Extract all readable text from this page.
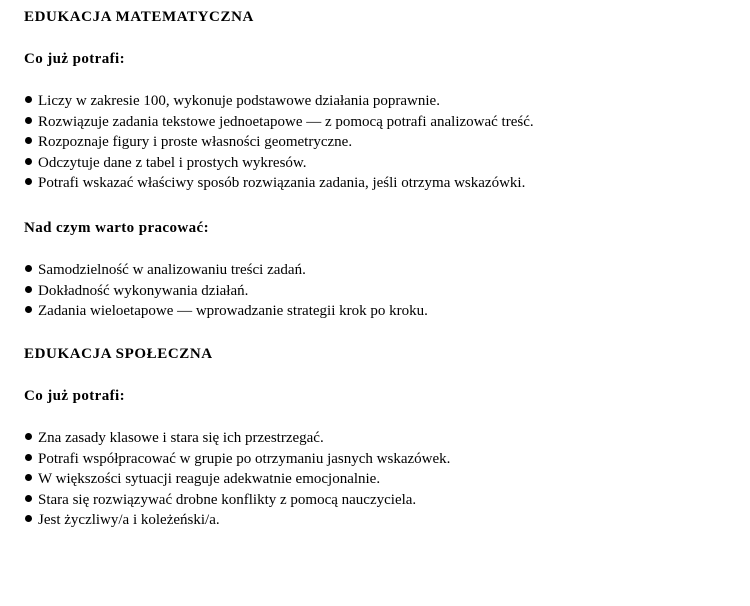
EDUKACJA MATEMATYCZNA
Co już potrafi:
Liczy w zakresie 100, wykonuje podstawowe działania poprawnie.
Rozwiązuje zadania tekstowe jednoetapowe — z pomocą potrafi analizować treść.
Rozpoznaje figury i proste własności geometryczne.
Odczytuje dane z tabel i prostych wykresów.
Potrafi wskazać właściwy sposób rozwiązania zadania, jeśli otrzyma wskazówki.
Nad czym warto pracować:
Samodzielność w analizowaniu treści zadań.
Dokładność wykonywania działań.
Zadania wieloetapowe — wprowadzanie strategii krok po kroku.
EDUKACJA SPOŁECZNA
Co już potrafi:
Zna zasady klasowe i stara się ich przestrzegać.
Potrafi współpracować w grupie po otrzymaniu jasnych wskazówek.
W większości sytuacji reaguje adekwatnie emocjonalnie.
Stara się rozwiązywać drobne konflikty z pomocą nauczyciela.
Jest życzliwy/a i koleżeński/a.
